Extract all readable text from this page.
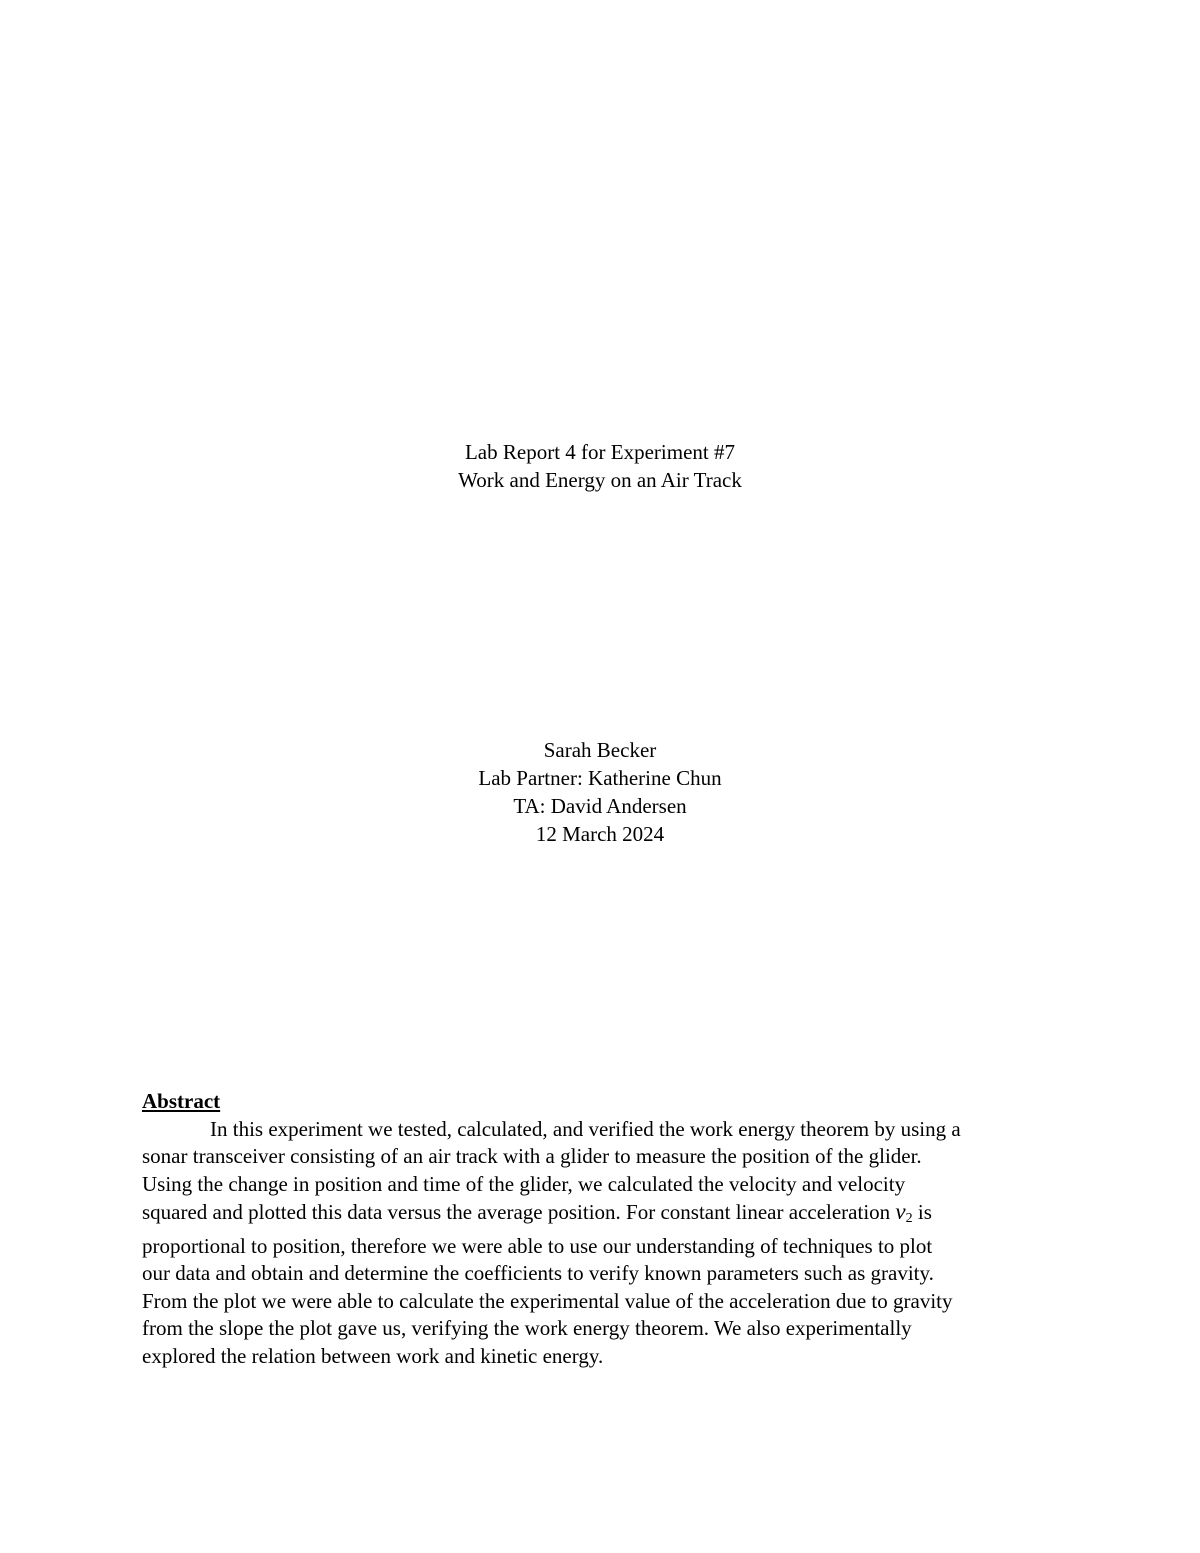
Lab Report 4 for Experiment #7
Work and Energy on an Air Track
Sarah Becker
Lab Partner: Katherine Chun
TA: David Andersen
12 March 2024
Abstract
In this experiment we tested, calculated, and verified the work energy theorem by using a
sonar transceiver consisting of an air track with a glider to measure the position of the glider.
Using the change in position and time of the glider, we calculated the velocity and velocity
squared and plotted this data versus the average position. For constant linear acceleration $v_2$ is
proportional to position, therefore we were able to use our understanding of techniques to plot
our data and obtain and determine the coefficients to verify known parameters such as gravity.
From the plot we were able to calculate the experimental value of the acceleration due to gravity
from the slope the plot gave us, verifying the work energy theorem. We also experimentally
explored the relation between work and kinetic energy.
